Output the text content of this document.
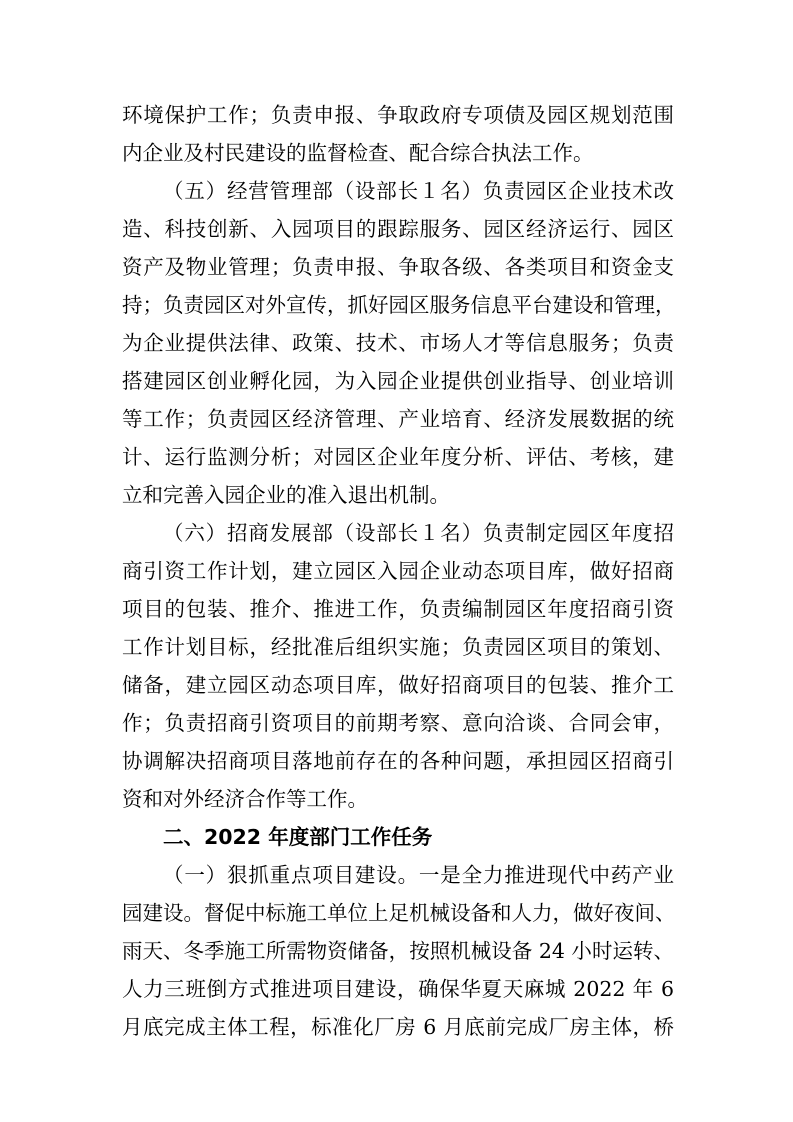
环境保护工作；负责申报、争取政府专项债及园区规划范围
内企业及村民建设的监督检查、配合综合执法工作。
（五）经营管理部（设部长１名）负责园区企业技术改
造、科技创新、入园项目的跟踪服务、园区经济运行、园区
资产及物业管理；负责申报、争取各级、各类项目和资金支
持；负责园区对外宣传，抓好园区服务信息平台建设和管理，
为企业提供法律、政策、技术、市场人才等信息服务；负责
搭建园区创业孵化园，为入园企业提供创业指导、创业培训
等工作；负责园区经济管理、产业培育、经济发展数据的统
计、运行监测分析；对园区企业年度分析、评估、考核，建
立和完善入园企业的准入退出机制。
（六）招商发展部（设部长１名）负责制定园区年度招
商引资工作计划，建立园区入园企业动态项目库，做好招商
项目的包装、推介、推进工作，负责编制园区年度招商引资
工作计划目标，经批准后组织实施；负责园区项目的策划、
储备，建立园区动态项目库，做好招商项目的包装、推介工
作；负责招商引资项目的前期考察、意向洽谈、合同会审，
协调解决招商项目落地前存在的各种问题，承担园区招商引
资和对外经济合作等工作。
二、2022 年度部门工作任务
（一）狠抓重点项目建设。一是全力推进现代中药产业
园建设。督促中标施工单位上足机械设备和人力，做好夜间、
雨天、冬季施工所需物资储备，按照机械设备 24 小时运转、
人力三班倒方式推进项目建设，确保华夏天麻城 2022 年 6
月底完成主体工程，标准化厂房 6 月底前完成厂房主体，桥
